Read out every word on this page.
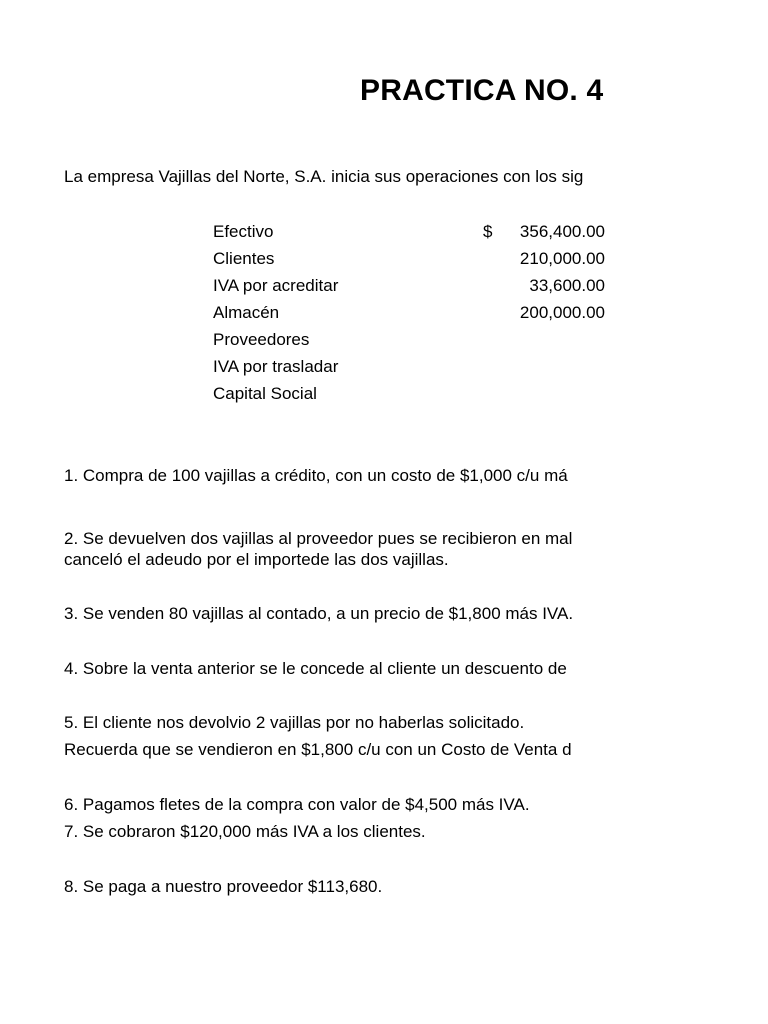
PRACTICA NO. 4
La empresa Vajillas del Norte, S.A. inicia sus operaciones con los sig
Efectivo	$ 356,400.00
Clientes	210,000.00
IVA por acreditar	33,600.00
Almacén	200,000.00
Proveedores
IVA por trasladar
Capital Social
1. Compra de 100 vajillas a crédito, con un costo de $1,000 c/u má
2. Se devuelven dos vajillas al proveedor pues se recibieron en mal
canceló el adeudo por el importede las dos vajillas.
3. Se venden 80 vajillas al contado, a un precio de $1,800 más IVA.
4. Sobre la venta anterior se le concede al cliente un descuento de
5. El cliente nos devolvio 2 vajillas por no haberlas solicitado.
Recuerda que se vendieron en $1,800 c/u con un Costo de Venta d
6. Pagamos fletes de la compra con valor de $4,500 más IVA.
7. Se cobraron $120,000 más IVA a los clientes.
8. Se paga a nuestro proveedor $113,680.
